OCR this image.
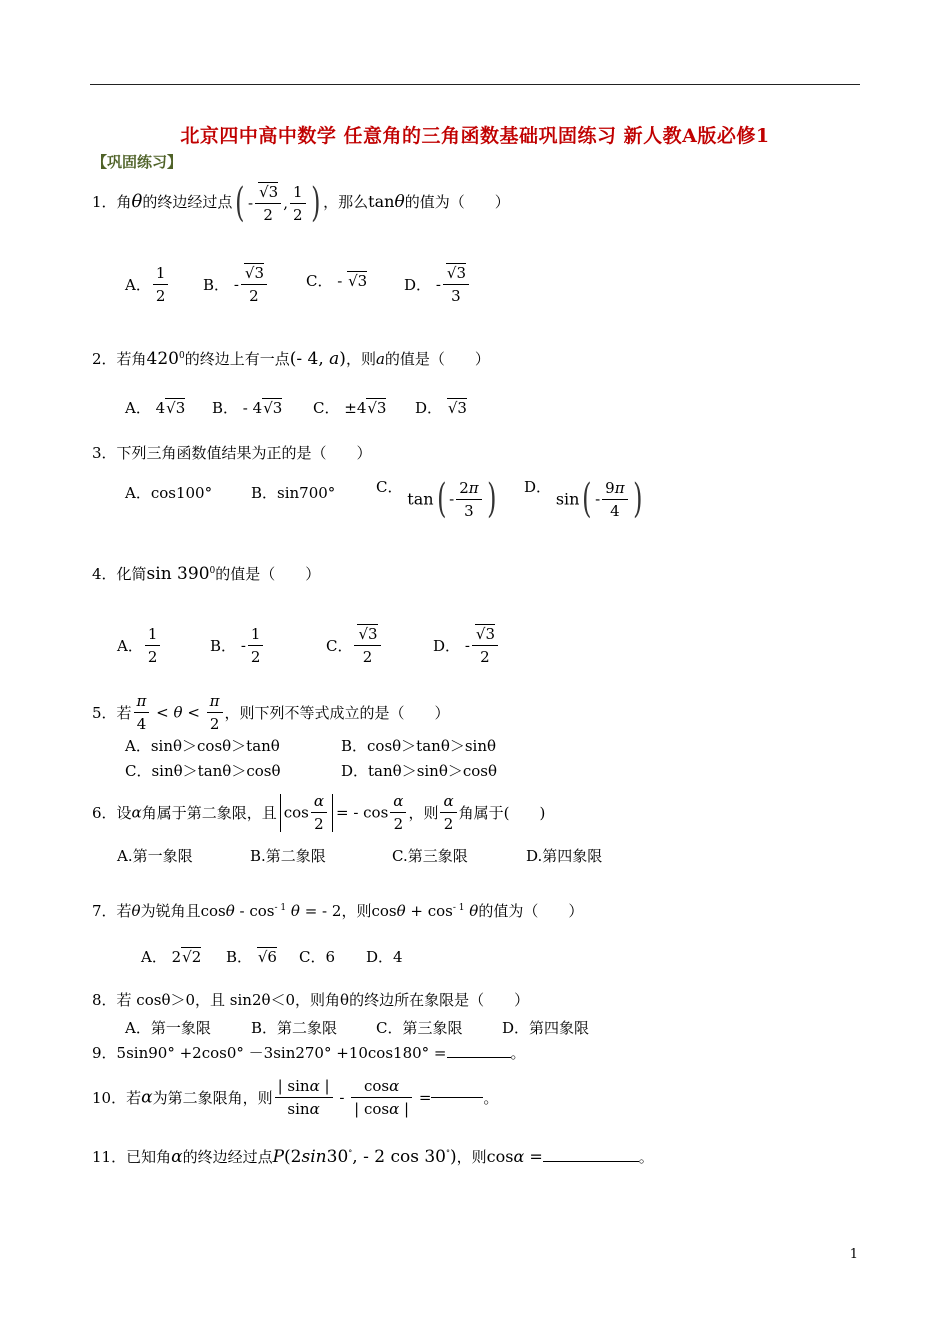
北京四中高中数学 任意角的三角函数基础巩固练习 新人教A版必修1
【巩固练习】
1．角θ的终边经过点( - $\frac{√3}{2}$ , $\frac{1}{2}$ ) ，那么tanθ的值为（　　）
A． $\frac{1}{2}$ B． - $\frac{√3}{2}$	C． - √3 D． - $\frac{√3}{3}$
2．若角$420^0$的终边上有一点(- 4, a)，则a的值是（　　）
A． 4√3 B． - 4√3 C． ±4√3 D． √3
3．下列三角函数值结果为正的是（　　）
A．cos100°	B．sin700°	C． $\tan( - \frac{2\pi}{3}$ ) D． $\sin( - \frac{9\pi}{4}$ )
4．化简$\sin 390^0$的值是（　　）
A． $\frac{1}{2}$	B． - $\frac{1}{2}$	C． $\frac{√3}{2}$	D． - $\frac{√3}{2}$
5．若 $\frac{\pi}{4} < \theta < \frac{\pi}{2}$ ，则下列不等式成立的是（　　）
A．sinθ＞cosθ＞tanθ	B．cosθ＞tanθ＞sinθ
C．sinθ＞tanθ＞cosθ	D．tanθ＞sinθ＞cosθ
6．设α角属于第二象限，且 $\cos \frac{\alpha}{2}$ = - $\cos \frac{\alpha}{2}$ ，则 $\frac{\alpha}{2}$ 角属于(　　)
A.第一象限	B.第二象限	C.第三象限	D.第四象限
7．若θ为锐角且cosθ - $\cos^{- 1} \theta$ = - 2，则$\cos\theta + \cos^{- 1} \theta$的值为（　　）
A． 2√2 B． √6 C．6 D．4
8．若 cosθ＞0，且 sin2θ＜0，则角θ的终边所在象限是（　　）
A．第一象限	B．第二象限	C．第三象限	D．第四象限
9．5sin90° +2cos0° －3sin270° +10cos180° =	。
10．若α为第二象限角，则 $\frac{| \sin\alpha |}{\sin\alpha} - \frac{\cos\alpha}{| \cos\alpha |}$ =	。
11．已知角α的终边经过点P(2sin30°, - 2 cos 30°)，则cosα =	。
1
